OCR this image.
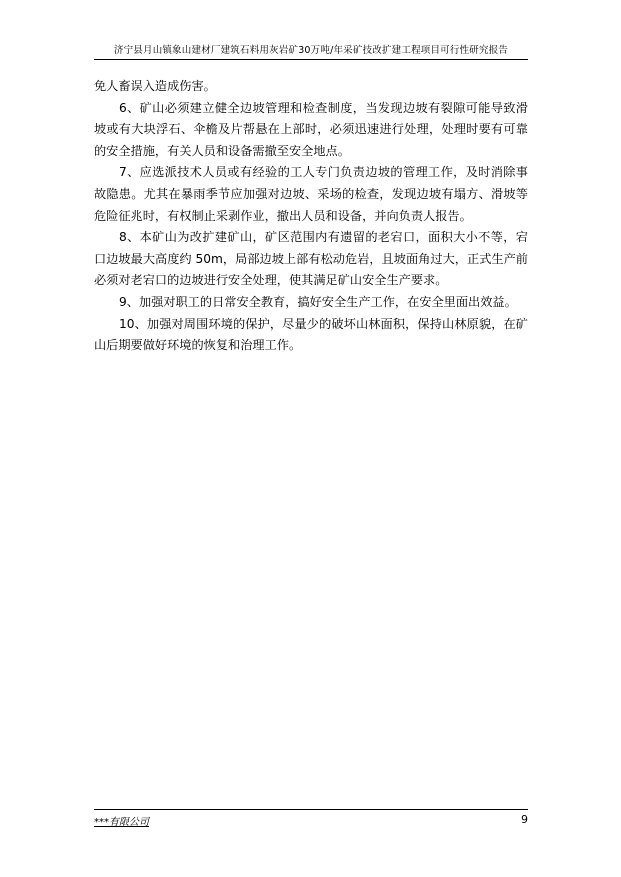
济宁县月山镇象山建材厂建筑石料用灰岩矿30万吨/年采矿技改扩建工程项目可行性研究报告

免人畜误入造成伤害。

6、矿山必须建立健全边坡管理和检查制度，当发现边坡有裂隙可能导致滑坡或有大块浮石、伞檐及片帮悬在上部时，必须迅速进行处理，处理时要有可靠的安全措施，有关人员和设备需撤至安全地点。

7、应选派技术人员或有经验的工人专门负责边坡的管理工作，及时消除事故隐患。尤其在暴雨季节应加强对边坡、采场的检查，发现边坡有塌方、滑坡等危险征兆时，有权制止采剥作业，撤出人员和设备，并向负责人报告。

8、本矿山为改扩建矿山，矿区范围内有遗留的老宕口，面积大小不等，宕口边坡最大高度约 50m，局部边坡上部有松动危岩，且坡面角过大，正式生产前必须对老宕口的边坡进行安全处理，使其满足矿山安全生产要求。

9、加强对职工的日常安全教育，搞好安全生产工作，在安全里面出效益。

10、加强对周围环境的保护，尽量少的破坏山林面积，保持山林原貌，在矿山后期要做好环境的恢复和治理工作。

***有限公司	9
